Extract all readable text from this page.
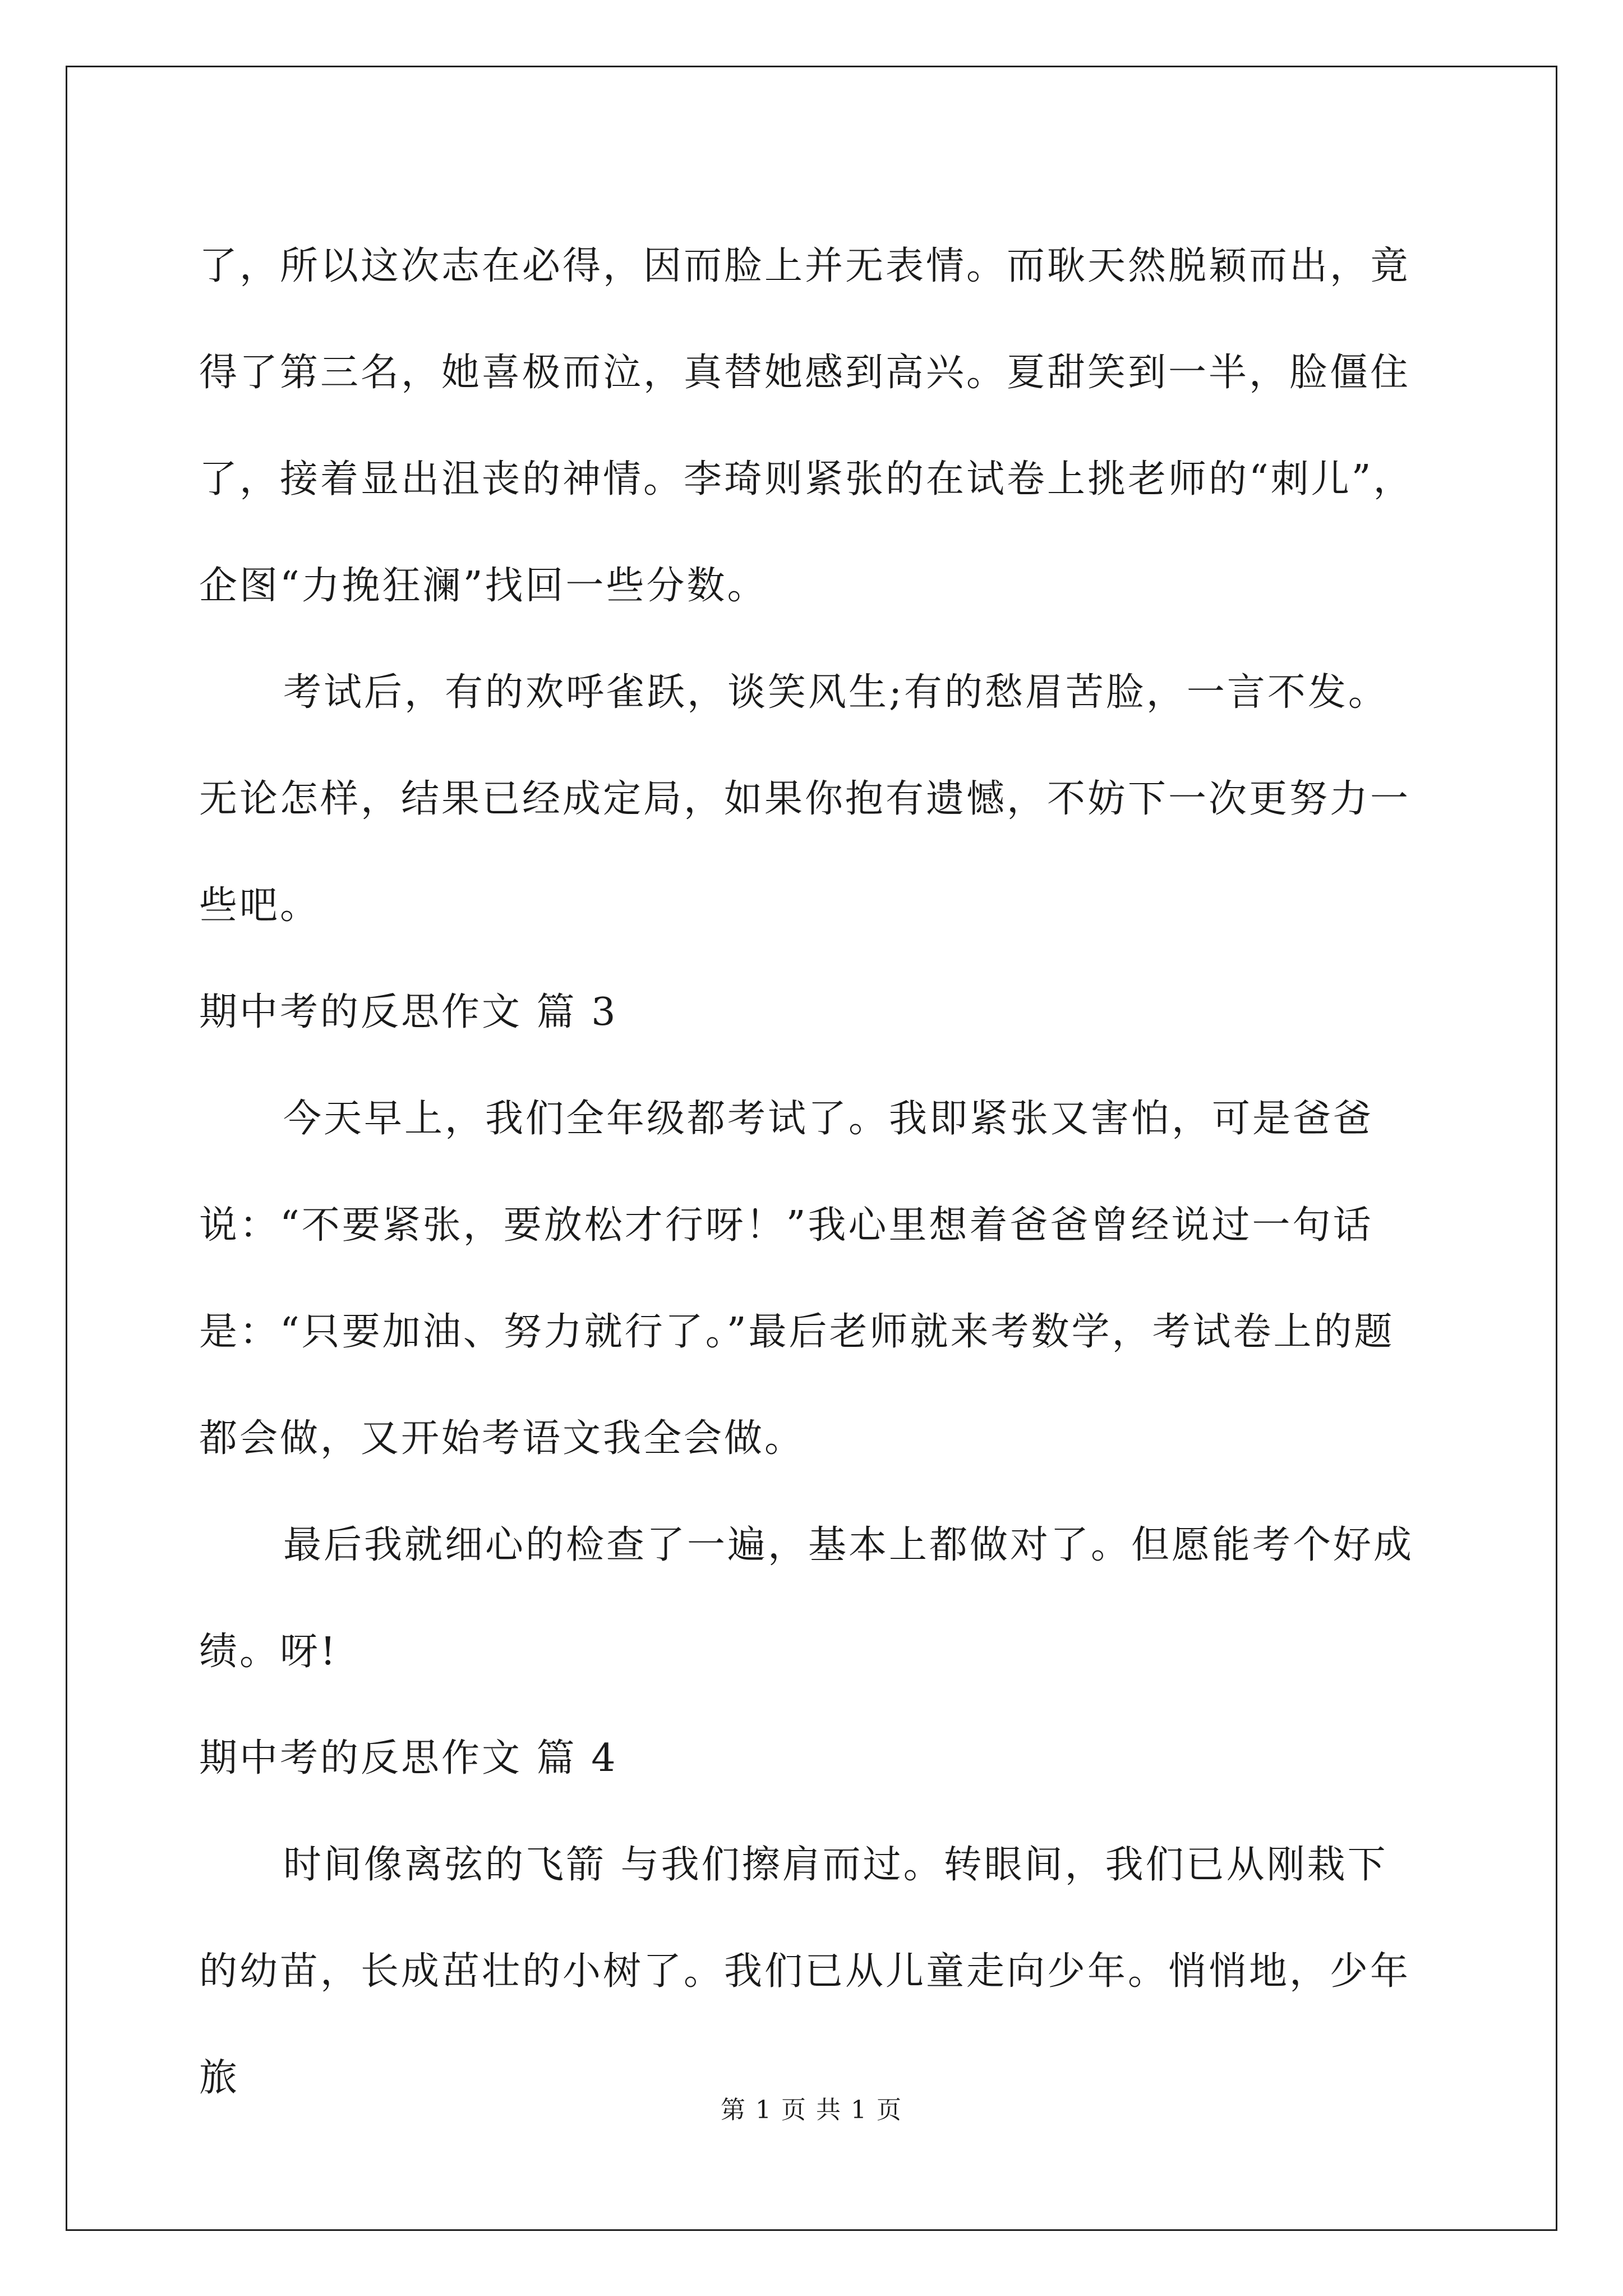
了，所以这次志在必得，因而脸上并无表情。而耿天然脱颖而出，竟得了第三名，她喜极而泣，真替她感到高兴。夏甜笑到一半，脸僵住了，接着显出沮丧的神情。李琦则紧张的在试卷上挑老师的“刺儿”，企图“力挽狂澜”找回一些分数。

考试后，有的欢呼雀跃，谈笑风生;有的愁眉苦脸，一言不发。无论怎样，结果已经成定局，如果你抱有遗憾，不妨下一次更努力一些吧。

期中考的反思作文 篇 3

今天早上，我们全年级都考试了。我即紧张又害怕，可是爸爸说：“不要紧张，要放松才行呀！”我心里想着爸爸曾经说过一句话是：“只要加油、努力就行了。”最后老师就来考数学，考试卷上的题都会做，又开始考语文我全会做。

最后我就细心的检查了一遍，基本上都做对了。但愿能考个好成绩。呀!

期中考的反思作文 篇 4

时间像离弦的飞箭 与我们擦肩而过。转眼间，我们已从刚栽下的幼苗，长成茁壮的小树了。我们已从儿童走向少年。悄悄地，少年旅

第 1 页 共 1 页
